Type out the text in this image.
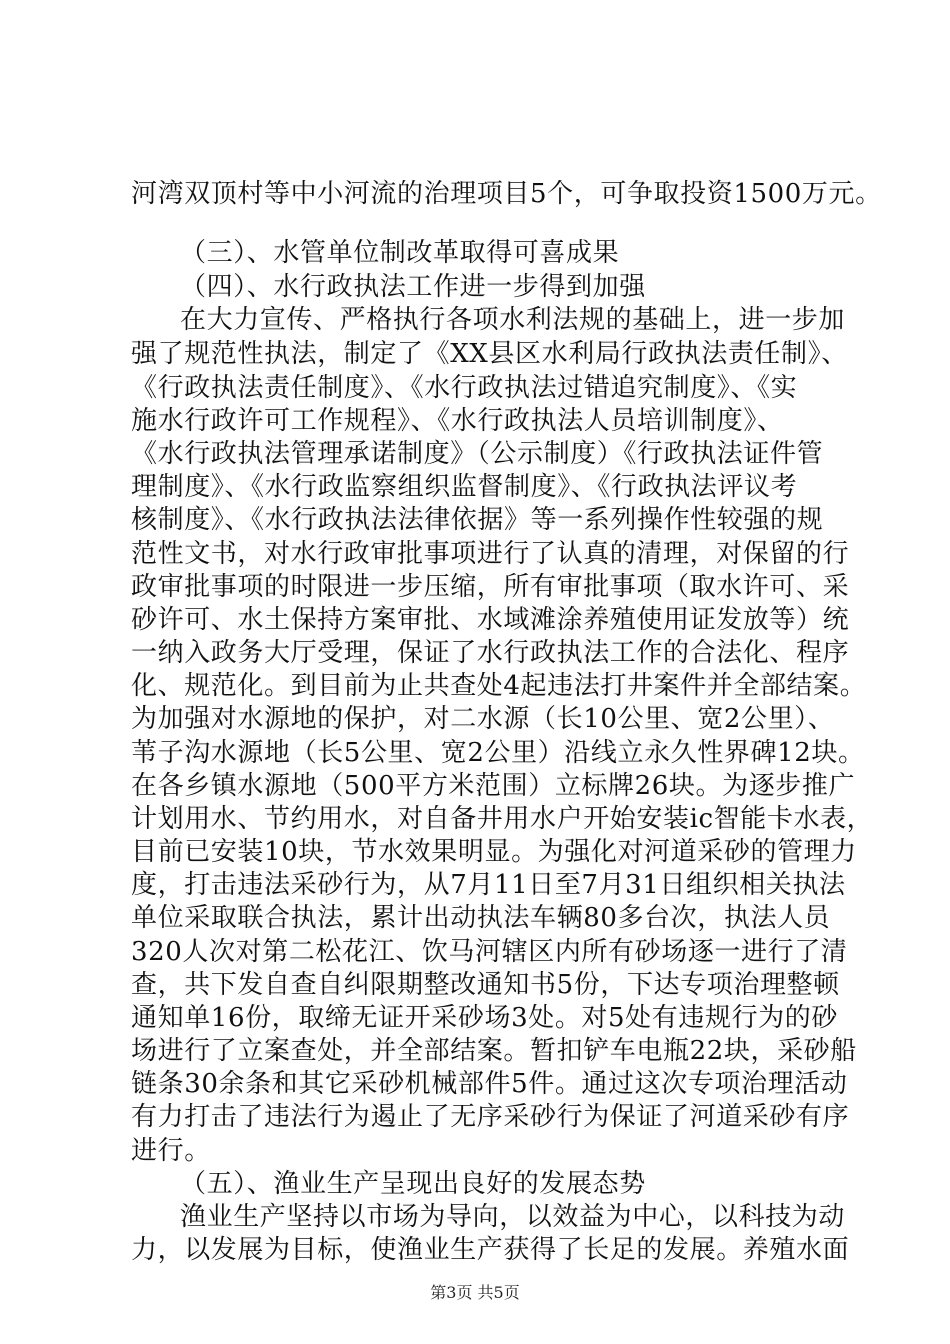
河湾双顶村等中小河流的治理项目5个，可争取投资1500万元。
（三）、水管单位制改革取得可喜成果
（四）、水行政执法工作进一步得到加强
在大力宣传、严格执行各项水利法规的基础上，进一步加
强了规范性执法，制定了《XX县区水利局行政执法责任制》、
《行政执法责任制度》、《水行政执法过错追究制度》、《实
施水行政许可工作规程》、《水行政执法人员培训制度》、
《水行政执法管理承诺制度》（公示制度）《行政执法证件管
理制度》、《水行政监察组织监督制度》、《行政执法评议考
核制度》、《水行政执法法律依据》等一系列操作性较强的规
范性文书，对水行政审批事项进行了认真的清理，对保留的行
政审批事项的时限进一步压缩，所有审批事项（取水许可、采
砂许可、水土保持方案审批、水域滩涂养殖使用证发放等）统
一纳入政务大厅受理，保证了水行政执法工作的合法化、程序
化、规范化。到目前为止共查处4起违法打井案件并全部结案。
为加强对水源地的保护，对二水源（长10公里、宽2公里）、
苇子沟水源地（长5公里、宽2公里）沿线立永久性界碑12块。
在各乡镇水源地（500平方米范围）立标牌26块。为逐步推广
计划用水、节约用水，对自备井用水户开始安装ic智能卡水表，
目前已安装10块，节水效果明显。为强化对河道采砂的管理力
度，打击违法采砂行为，从7月11日至7月31日组织相关执法
单位采取联合执法，累计出动执法车辆80多台次，执法人员
320人次对第二松花江、饮马河辖区内所有砂场逐一进行了清
查，共下发自查自纠限期整改通知书5份，下达专项治理整顿
通知单16份，取缔无证开采砂场3处。对5处有违规行为的砂
场进行了立案查处，并全部结案。暂扣铲车电瓶22块，采砂船
链条30余条和其它采砂机械部件5件。通过这次专项治理活动
有力打击了违法行为遏止了无序采砂行为保证了河道采砂有序
进行。
（五）、渔业生产呈现出良好的发展态势
渔业生产坚持以市场为导向，以效益为中心，以科技为动
力，以发展为目标，使渔业生产获得了长足的发展。养殖水面
第3页 共5页
